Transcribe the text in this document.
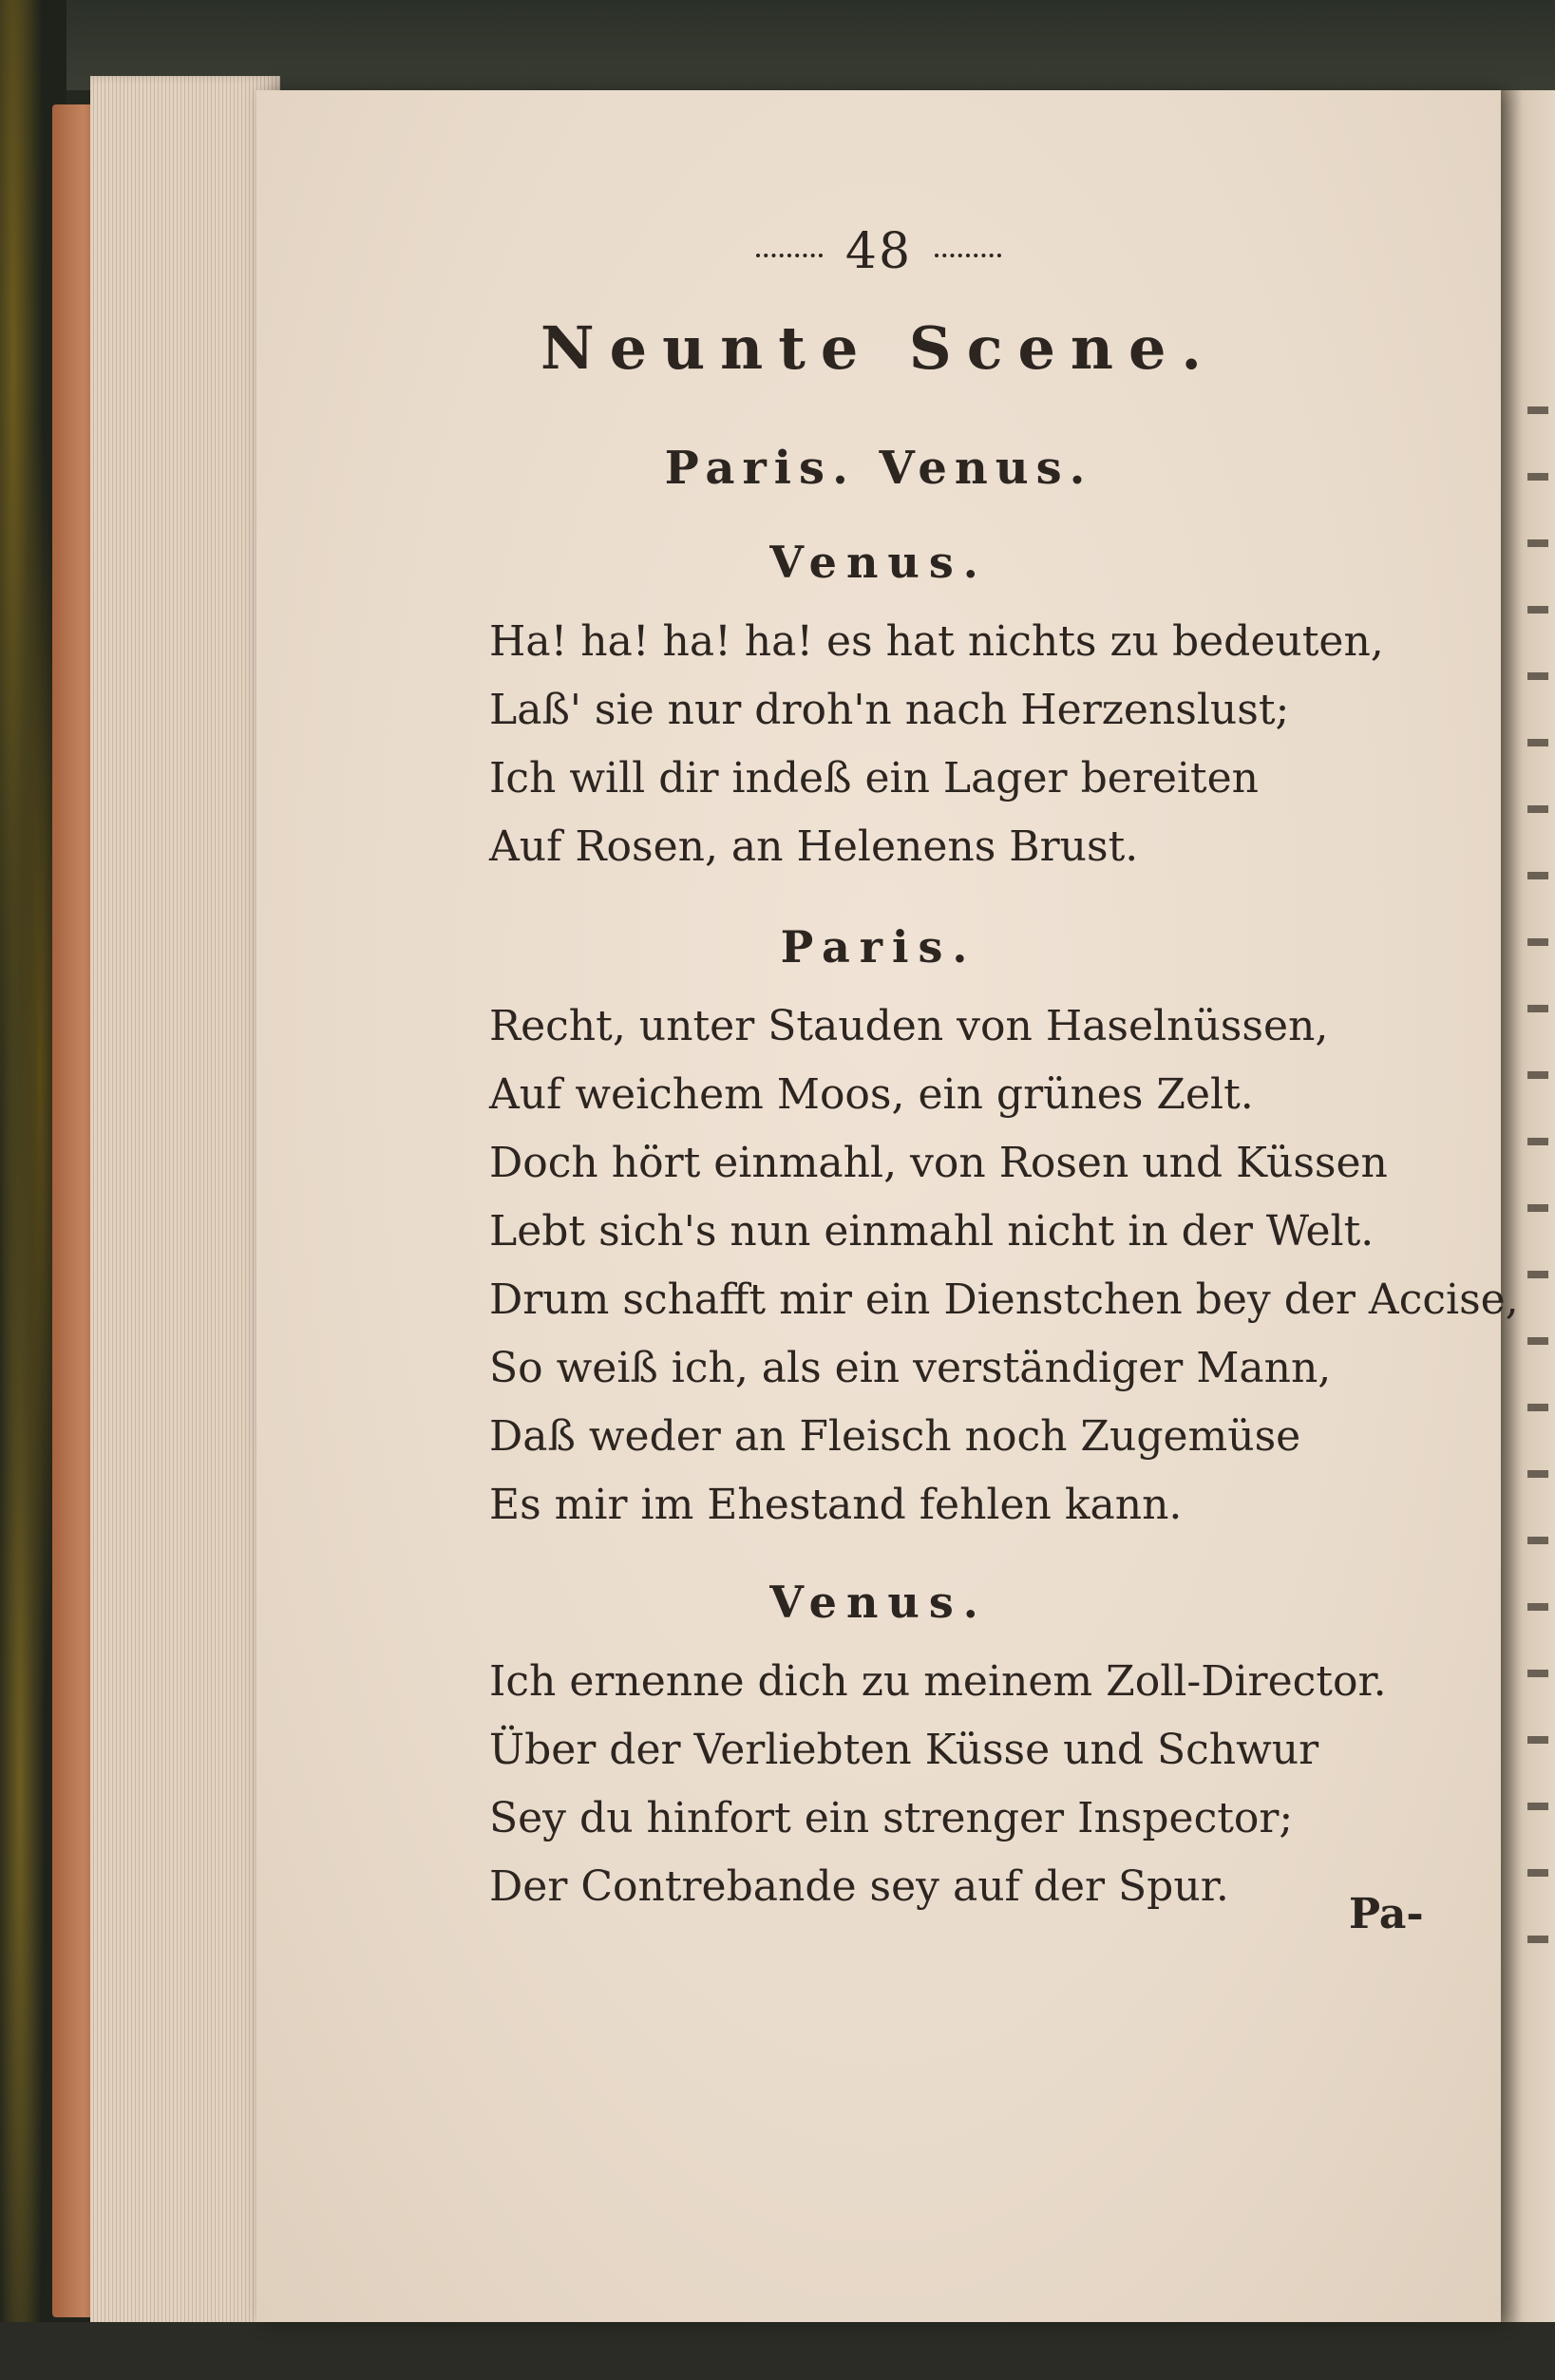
48
Neunte Scene.
Paris. Venus.
Venus.
Ha! ha! ha! ha! es hat nichts zu bedeuten,
Laß' sie nur droh'n nach Herzenslust;
Ich will dir indeß ein Lager bereiten
Auf Rosen, an Helenens Brust.
Paris.
Recht, unter Stauden von Haselnüssen,
Auf weichem Moos, ein grünes Zelt.
Doch hört einmahl, von Rosen und Küssen
Lebt sich's nun einmahl nicht in der Welt.
Drum schafft mir ein Dienstchen bey der Accise,
So weiß ich, als ein verständiger Mann,
Daß weder an Fleisch noch Zugemüse
Es mir im Ehestand fehlen kann.
Venus.
Ich ernenne dich zu meinem Zoll-Director.
Über der Verliebten Küsse und Schwur
Sey du hinfort ein strenger Inspector;
Der Contrebande sey auf der Spur.
Pa-
